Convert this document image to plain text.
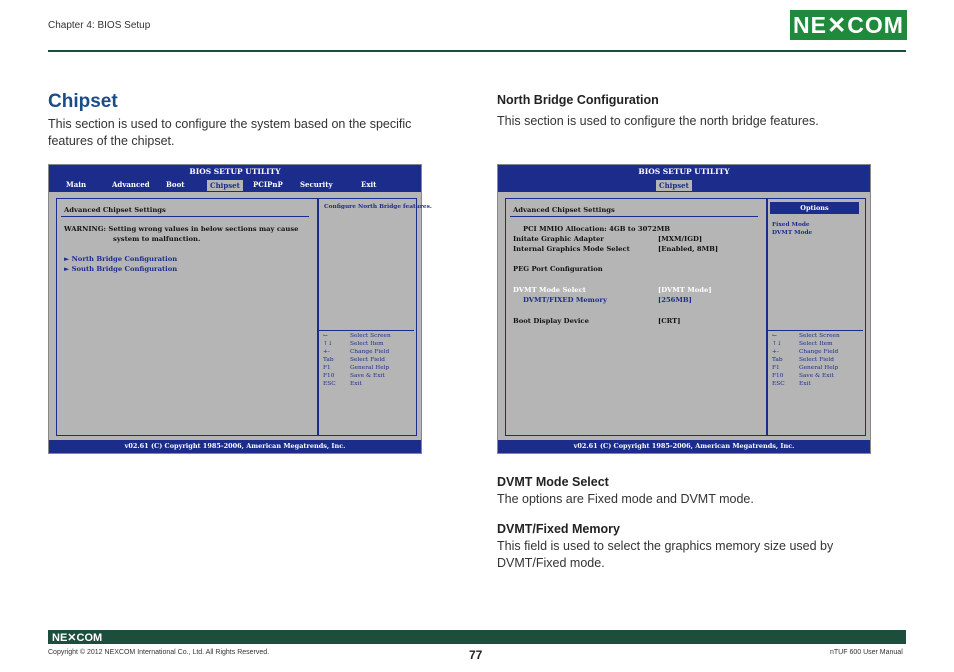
Chapter 4: BIOS Setup	NE✕COM
Chipset
This section is used to configure the system based on the specific features of the chipset.
BIOS SETUP UTILITY
Main	Advanced Boot	Chipset	PCIPnP Security	Exit
Advanced Chipset Settings
WARNING: Setting wrong values in below sections may cause
system to malfunction.
► North Bridge Configuration
► South Bridge Configuration
Configure North Bridge features.
←	Select Screen
↑↓	Select Item
+-	Change Field
Tab	Select Field
F1	General Help
F10	Save & Exit
ESC Exit
v02.61 (C) Copyright 1985-2006, American Megatrends, Inc.
North Bridge Configuration
This section is used to configure the north bridge features.
BIOS SETUP UTILITY
Chipset
Advanced Chipset Settings
PCI MMIO Allocation: 4GB to 3072MB
Initate Graphic Adapter	[MXM/IGD]
Internal Graphics Mode Select	[Enabled, 8MB]
PEG Port Configuration
DVMT Mode Select	[DVMT Mode]
DVMT/FIXED Memory	[256MB]
Boot Display Device	[CRT]
Options
Fixed Mode
DVMT Mode
←	Select Screen
↑↓	Select Item
+-	Change Field
Tab	Select Field
F1	General Help
F10	Save & Exit
ESC Exit
v02.61 (C) Copyright 1985-2006, American Megatrends, Inc.
DVMT Mode Select
The options are Fixed mode and DVMT mode.
DVMT/Fixed Memory
This field is used to select the graphics memory size used by DVMT/Fixed mode.
NE✕COM
77
Copyright © 2012 NEXCOM International Co., Ltd. All Rights Reserved.	nTUF 600 User Manual
